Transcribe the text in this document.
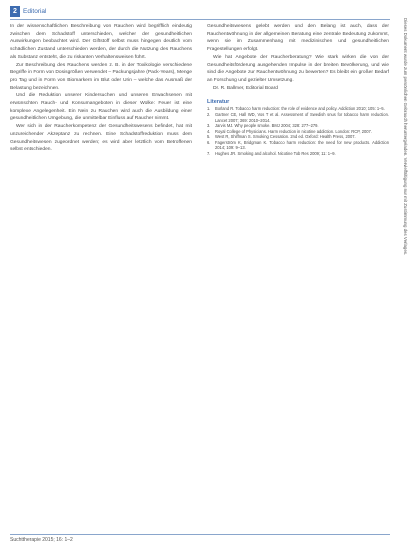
2 Editorial

In der wissenschaftlichen Beschreibung von Rauchen wird begrifflich eindeutig zwischen dem Schadstoff unterschieden, welcher der gesundheitlichen Auswirkungen beobachtet wird. Der Giftstoff selbst muss hingegen deutlich vom schädlichen Zustand unterschieden werden, der durch die Nutzung des Rauchens als Substanz entsteht, die zu riskanten Verhaltensweisen führt.

Zur Beschreibung des Rauchens werden z. B. in der Toxikologie verschiedene Begriffe in Form von Dosisgrößen verwendet – Packungsjahre (Pack-Years), Menge pro Tag und in Form von Biomarkern im Blut oder Urin – welche das Ausmaß der Belastung bezeichnen.

Und die Reduktion unserer Kindersuchen und unseren Erwachsenen mit erwünschten Rauch- und Konsumangeboten in dieser Wolke: Feuer ist eine komplexe Angelegenheit. Ein Nein zu Rauchen wird auch die Ausbildung einer gesundheitlichen Umgebung, die unmittelbar Einfluss auf Raucher nimmt.

Wer sich in der Raucherkompetenz der Gesundheitswesens befindet, hat mit unzureichender Akzeptanz zu rechnen. Eine Schadstoffreduktion muss dem Gesundheitswesen zugeordnet werden; es wird aber letztlich vom Betroffenen selbst entschieden.

Gesundheitswesens gelebt werden und den Belang ist auch, dass der Rauchentwöhnung in der allgemeinen Beratung eine zentrale Bedeutung zukommt, wenn sie im Zusammenhang mit medizinischen und gesundheitlichen Fragestellungen erfolgt.

Wie hat Angebote der Raucherberatung? Wie stark wirken die von der Gesundheitsförderung ausgehenden Impulse in der breiten Bevölkerung, und wie sind die Angebote zur Rauchentwöhnung zu bewerten? Es bleibt ein großer Bedarf an Forschung und gezielter Umsetzung.

Dr. R. Ballmer, Editorial Board

Literatur
1.	Borland R. Tobacco harm reduction: the role of evidence and policy. Addiction 2010; 105: 1–5.
2.	Gartner CE, Hall WD, Vos T et al. Assessment of Swedish snus for tobacco harm reduction. Lancet 2007; 369: 2010–2014.
3.	Jarvis MJ. Why people smoke. BMJ 2004; 328: 277–279.
4.	Royal College of Physicians. Harm reduction in nicotine addiction. London: RCP, 2007.
5.	West R, Shiffman S. Smoking Cessation. 2nd ed. Oxford: Health Press, 2007.
6.	Fagerström K, Bridgman K. Tobacco harm reduction: the need for new products. Addiction 2014; 109: 9–13.
7.	Hughes JR. Smoking and alcohol. Nicotine Tob Res 2009; 11: 1–9.	Dieses Dokument wurde zum persönlichen Gebrauch heruntergeladen. Vervielfältigung nur mit Zustimmung des Verlages.
Suchttherapie 2015; 16: 1–2
